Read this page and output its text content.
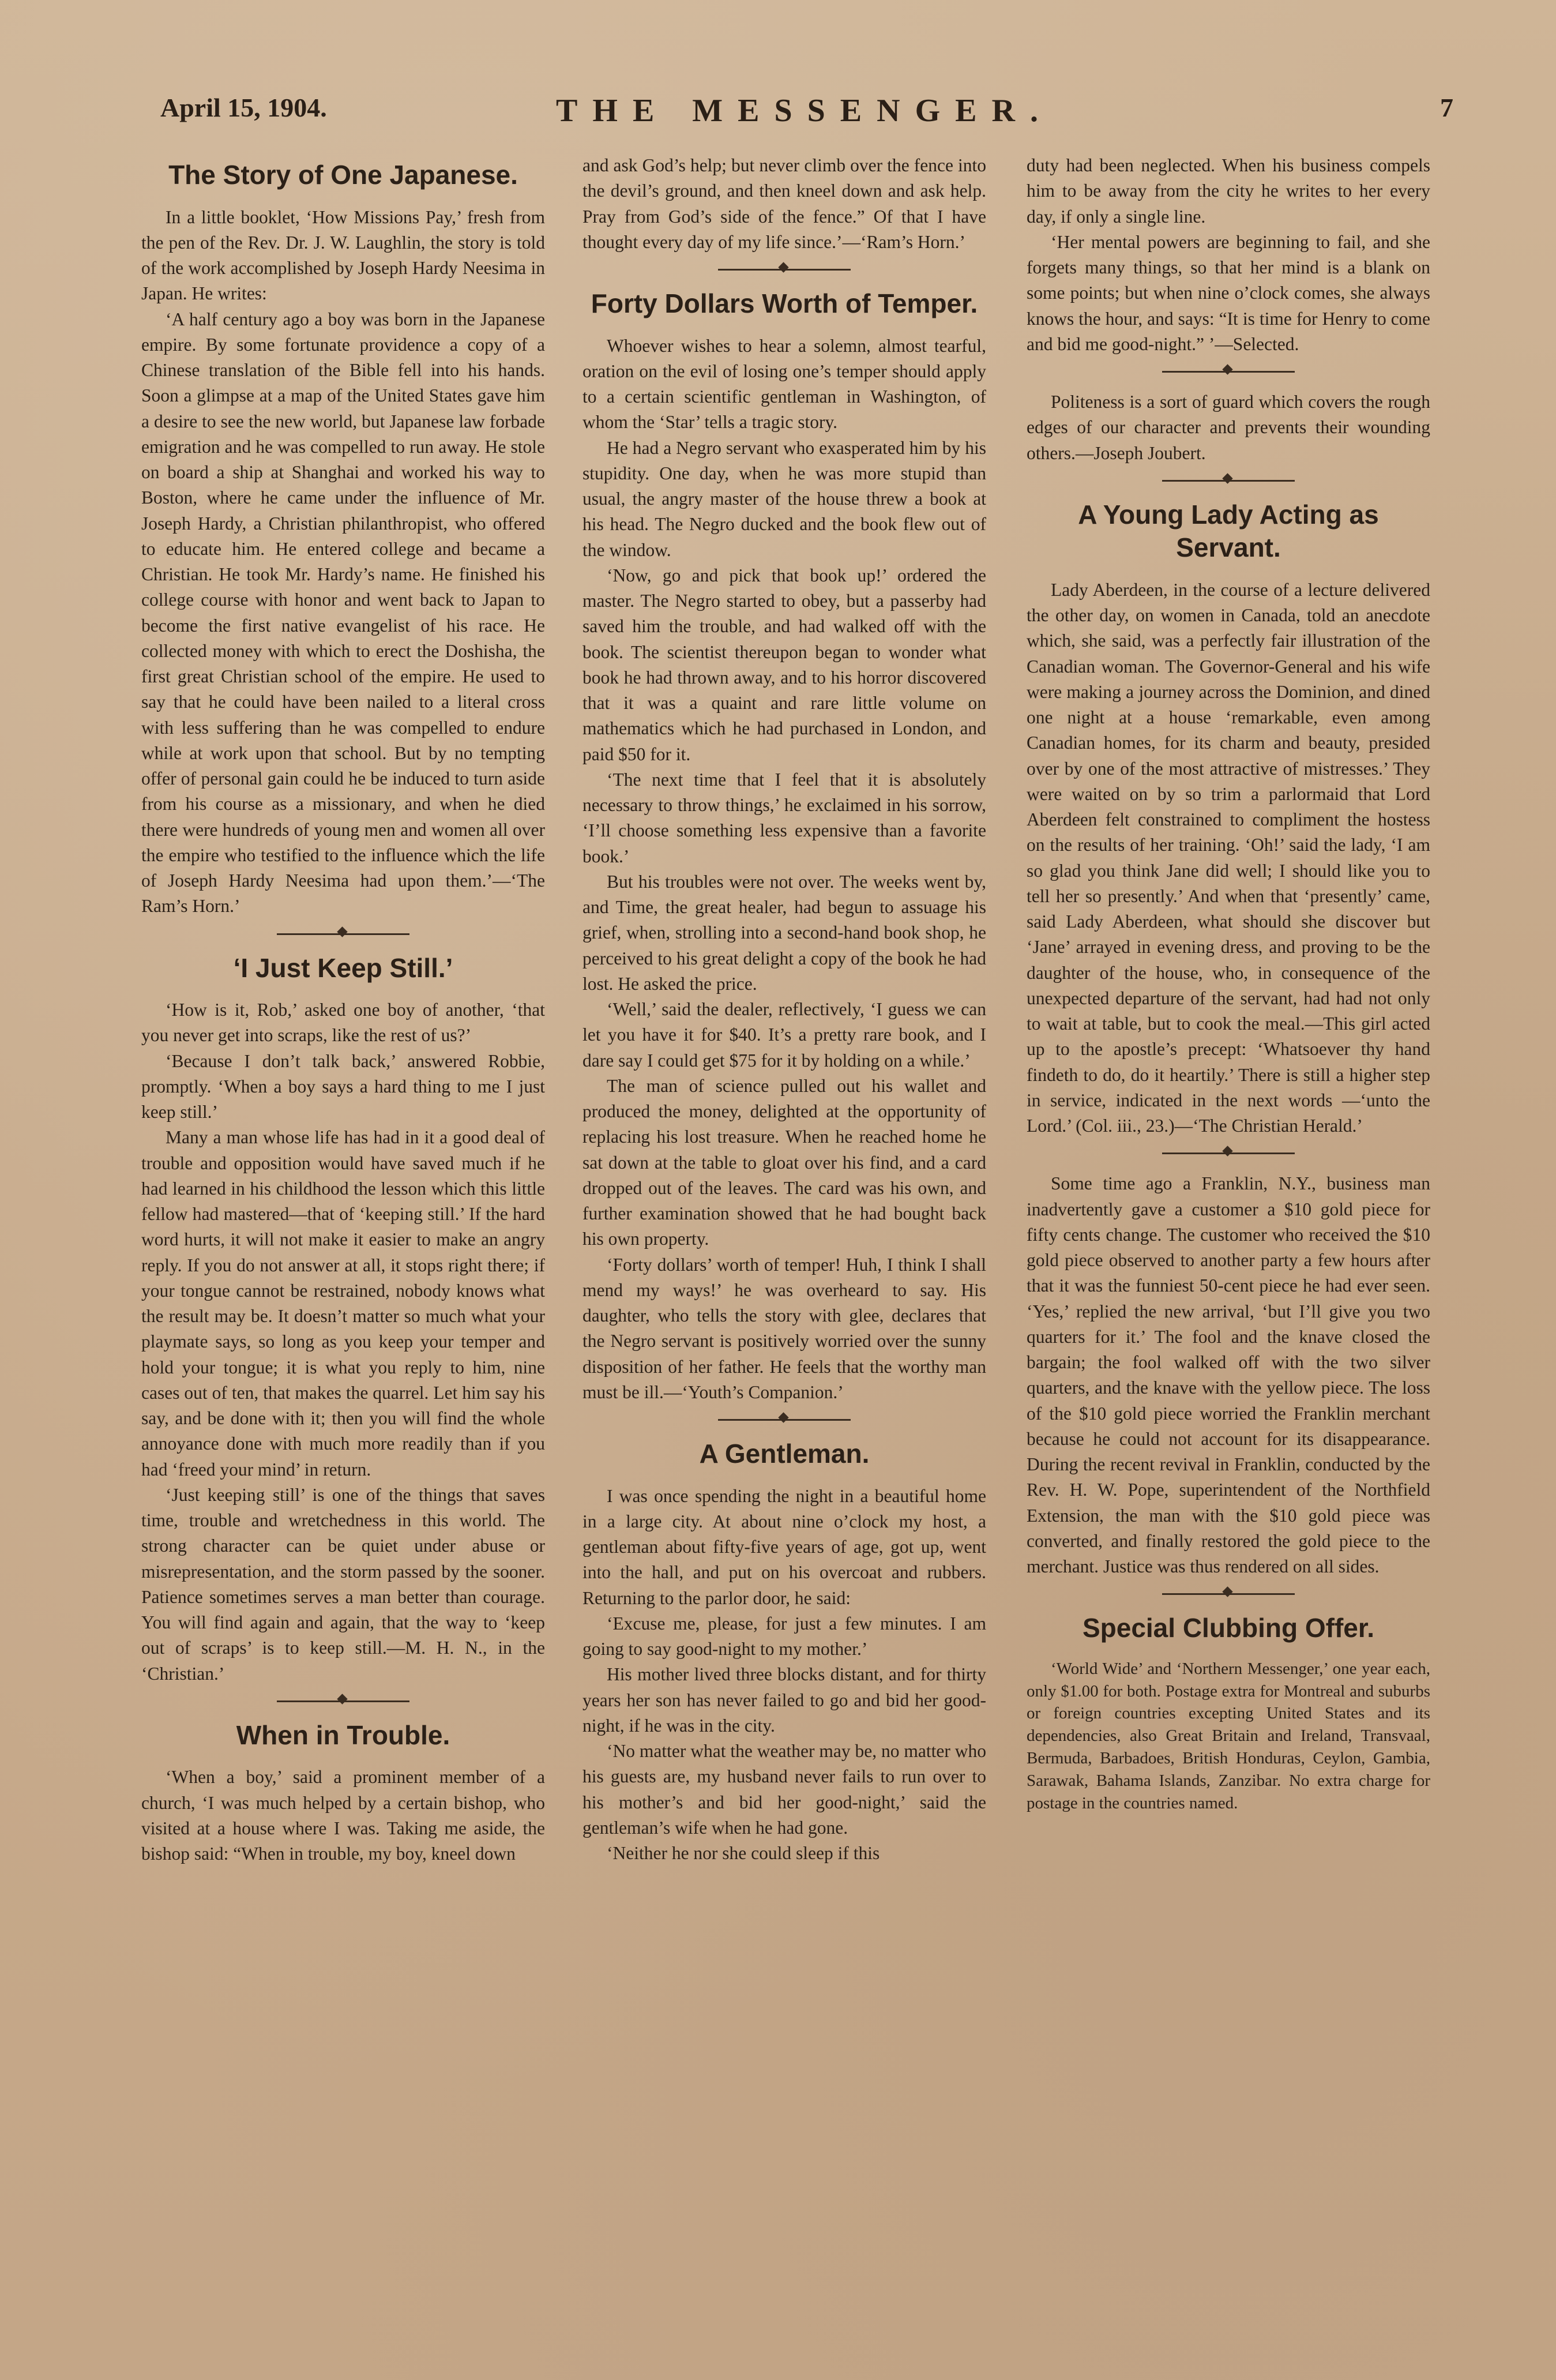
April 15, 1904.	THE MESSENGER.	7
The Story of One Japanese.

In a little booklet, ‘How Missions Pay,’ fresh from the pen of the Rev. Dr. J. W. Laughlin, the story is told of the work accomplished by Joseph Hardy Neesima in Japan. He writes:

‘A half century ago a boy was born in the Japanese empire. By some fortunate providence a copy of a Chinese translation of the Bible fell into his hands. Soon a glimpse at a map of the United States gave him a desire to see the new world, but Japanese law forbade emigration and he was compelled to run away. He stole on board a ship at Shanghai and worked his way to Boston, where he came under the influence of Mr. Joseph Hardy, a Christian philanthropist, who offered to educate him. He entered college and became a Christian. He took Mr. Hardy’s name. He finished his college course with honor and went back to Japan to become the first native evangelist of his race. He collected money with which to erect the Doshisha, the first great Christian school of the empire. He used to say that he could have been nailed to a literal cross with less suffering than he was compelled to endure while at work upon that school. But by no tempting offer of personal gain could he be induced to turn aside from his course as a missionary, and when he died there were hundreds of young men and women all over the empire who testified to the influence which the life of Joseph Hardy Neesima had upon them.’—‘The Ram’s Horn.’

‘I Just Keep Still.’

‘How is it, Rob,’ asked one boy of another, ‘that you never get into scraps, like the rest of us?’

‘Because I don’t talk back,’ answered Robbie, promptly. ‘When a boy says a hard thing to me I just keep still.’

Many a man whose life has had in it a good deal of trouble and opposition would have saved much if he had learned in his childhood the lesson which this little fellow had mastered—that of ‘keeping still.’ If the hard word hurts, it will not make it easier to make an angry reply. If you do not answer at all, it stops right there; if your tongue cannot be restrained, nobody knows what the result may be. It doesn’t matter so much what your playmate says, so long as you keep your temper and hold your tongue; it is what you reply to him, nine cases out of ten, that makes the quarrel. Let him say his say, and be done with it; then you will find the whole annoyance done with much more readily than if you had ‘freed your mind’ in return.

‘Just keeping still’ is one of the things that saves time, trouble and wretchedness in this world. The strong character can be quiet under abuse or misrepresentation, and the storm passed by the sooner. Patience sometimes serves a man better than courage. You will find again and again, that the way to ‘keep out of scraps’ is to keep still.—M. H. N., in the ‘Christian.’

When in Trouble.

‘When a boy,’ said a prominent member of a church, ‘I was much helped by a certain bishop, who visited at a house where I was. Taking me aside, the bishop said: “When in trouble, my boy, kneel down

and ask God’s help; but never climb over the fence into the devil’s ground, and then kneel down and ask help. Pray from God’s side of the fence.” Of that I have thought every day of my life since.’—‘Ram’s Horn.’

Forty Dollars Worth of Temper.

Whoever wishes to hear a solemn, almost tearful, oration on the evil of losing one’s temper should apply to a certain scientific gentleman in Washington, of whom the ‘Star’ tells a tragic story.

He had a Negro servant who exasperated him by his stupidity. One day, when he was more stupid than usual, the angry master of the house threw a book at his head. The Negro ducked and the book flew out of the window.

‘Now, go and pick that book up!’ ordered the master. The Negro started to obey, but a passerby had saved him the trouble, and had walked off with the book. The scientist thereupon began to wonder what book he had thrown away, and to his horror discovered that it was a quaint and rare little volume on mathematics which he had purchased in London, and paid $50 for it.

‘The next time that I feel that it is absolutely necessary to throw things,’ he exclaimed in his sorrow, ‘I’ll choose something less expensive than a favorite book.’

But his troubles were not over. The weeks went by, and Time, the great healer, had begun to assuage his grief, when, strolling into a second-hand book shop, he perceived to his great delight a copy of the book he had lost. He asked the price.

‘Well,’ said the dealer, reflectively, ‘I guess we can let you have it for $40. It’s a pretty rare book, and I dare say I could get $75 for it by holding on a while.’

The man of science pulled out his wallet and produced the money, delighted at the opportunity of replacing his lost treasure. When he reached home he sat down at the table to gloat over his find, and a card dropped out of the leaves. The card was his own, and further examination showed that he had bought back his own property.

‘Forty dollars’ worth of temper! Huh, I think I shall mend my ways!’ he was overheard to say. His daughter, who tells the story with glee, declares that the Negro servant is positively worried over the sunny disposition of her father. He feels that the worthy man must be ill.—‘Youth’s Companion.’

A Gentleman.

I was once spending the night in a beautiful home in a large city. At about nine o’clock my host, a gentleman about fifty-five years of age, got up, went into the hall, and put on his overcoat and rubbers. Returning to the parlor door, he said:

‘Excuse me, please, for just a few minutes. I am going to say good-night to my mother.’

His mother lived three blocks distant, and for thirty years her son has never failed to go and bid her good-night, if he was in the city.

‘No matter what the weather may be, no matter who his guests are, my husband never fails to run over to his mother’s and bid her good-night,’ said the gentleman’s wife when he had gone.

‘Neither he nor she could sleep if this

duty had been neglected. When his business compels him to be away from the city he writes to her every day, if only a single line.

‘Her mental powers are beginning to fail, and she forgets many things, so that her mind is a blank on some points; but when nine o’clock comes, she always knows the hour, and says: “It is time for Henry to come and bid me good-night.” ’—Selected.

Politeness is a sort of guard which covers the rough edges of our character and prevents their wounding others.—Joseph Joubert.

A Young Lady Acting as Servant.

Lady Aberdeen, in the course of a lecture delivered the other day, on women in Canada, told an anecdote which, she said, was a perfectly fair illustration of the Canadian woman. The Governor-General and his wife were making a journey across the Dominion, and dined one night at a house ‘remarkable, even among Canadian homes, for its charm and beauty, presided over by one of the most attractive of mistresses.’ They were waited on by so trim a parlormaid that Lord Aberdeen felt constrained to compliment the hostess on the results of her training. ‘Oh!’ said the lady, ‘I am so glad you think Jane did well; I should like you to tell her so presently.’ And when that ‘presently’ came, said Lady Aberdeen, what should she discover but ‘Jane’ arrayed in evening dress, and proving to be the daughter of the house, who, in consequence of the unexpected departure of the servant, had had not only to wait at table, but to cook the meal.—This girl acted up to the apostle’s precept: ‘Whatsoever thy hand findeth to do, do it heartily.’ There is still a higher step in service, indicated in the next words —‘unto the Lord.’ (Col. iii., 23.)—‘The Christian Herald.’

Some time ago a Franklin, N.Y., business man inadvertently gave a customer a $10 gold piece for fifty cents change. The customer who received the $10 gold piece observed to another party a few hours after that it was the funniest 50-cent piece he had ever seen. ‘Yes,’ replied the new arrival, ‘but I’ll give you two quarters for it.’ The fool and the knave closed the bargain; the fool walked off with the two silver quarters, and the knave with the yellow piece. The loss of the $10 gold piece worried the Franklin merchant because he could not account for its disappearance. During the recent revival in Franklin, conducted by the Rev. H. W. Pope, superintendent of the Northfield Extension, the man with the $10 gold piece was converted, and finally restored the gold piece to the merchant. Justice was thus rendered on all sides.

Special Clubbing Offer.

‘World Wide’ and ‘Northern Messenger,’ one year each, only $1.00 for both. Postage extra for Montreal and suburbs or foreign countries excepting United States and its dependencies, also Great Britain and Ireland, Transvaal, Bermuda, Barbadoes, British Honduras, Ceylon, Gambia, Sarawak, Bahama Islands, Zanzibar. No extra charge for postage in the countries named.
